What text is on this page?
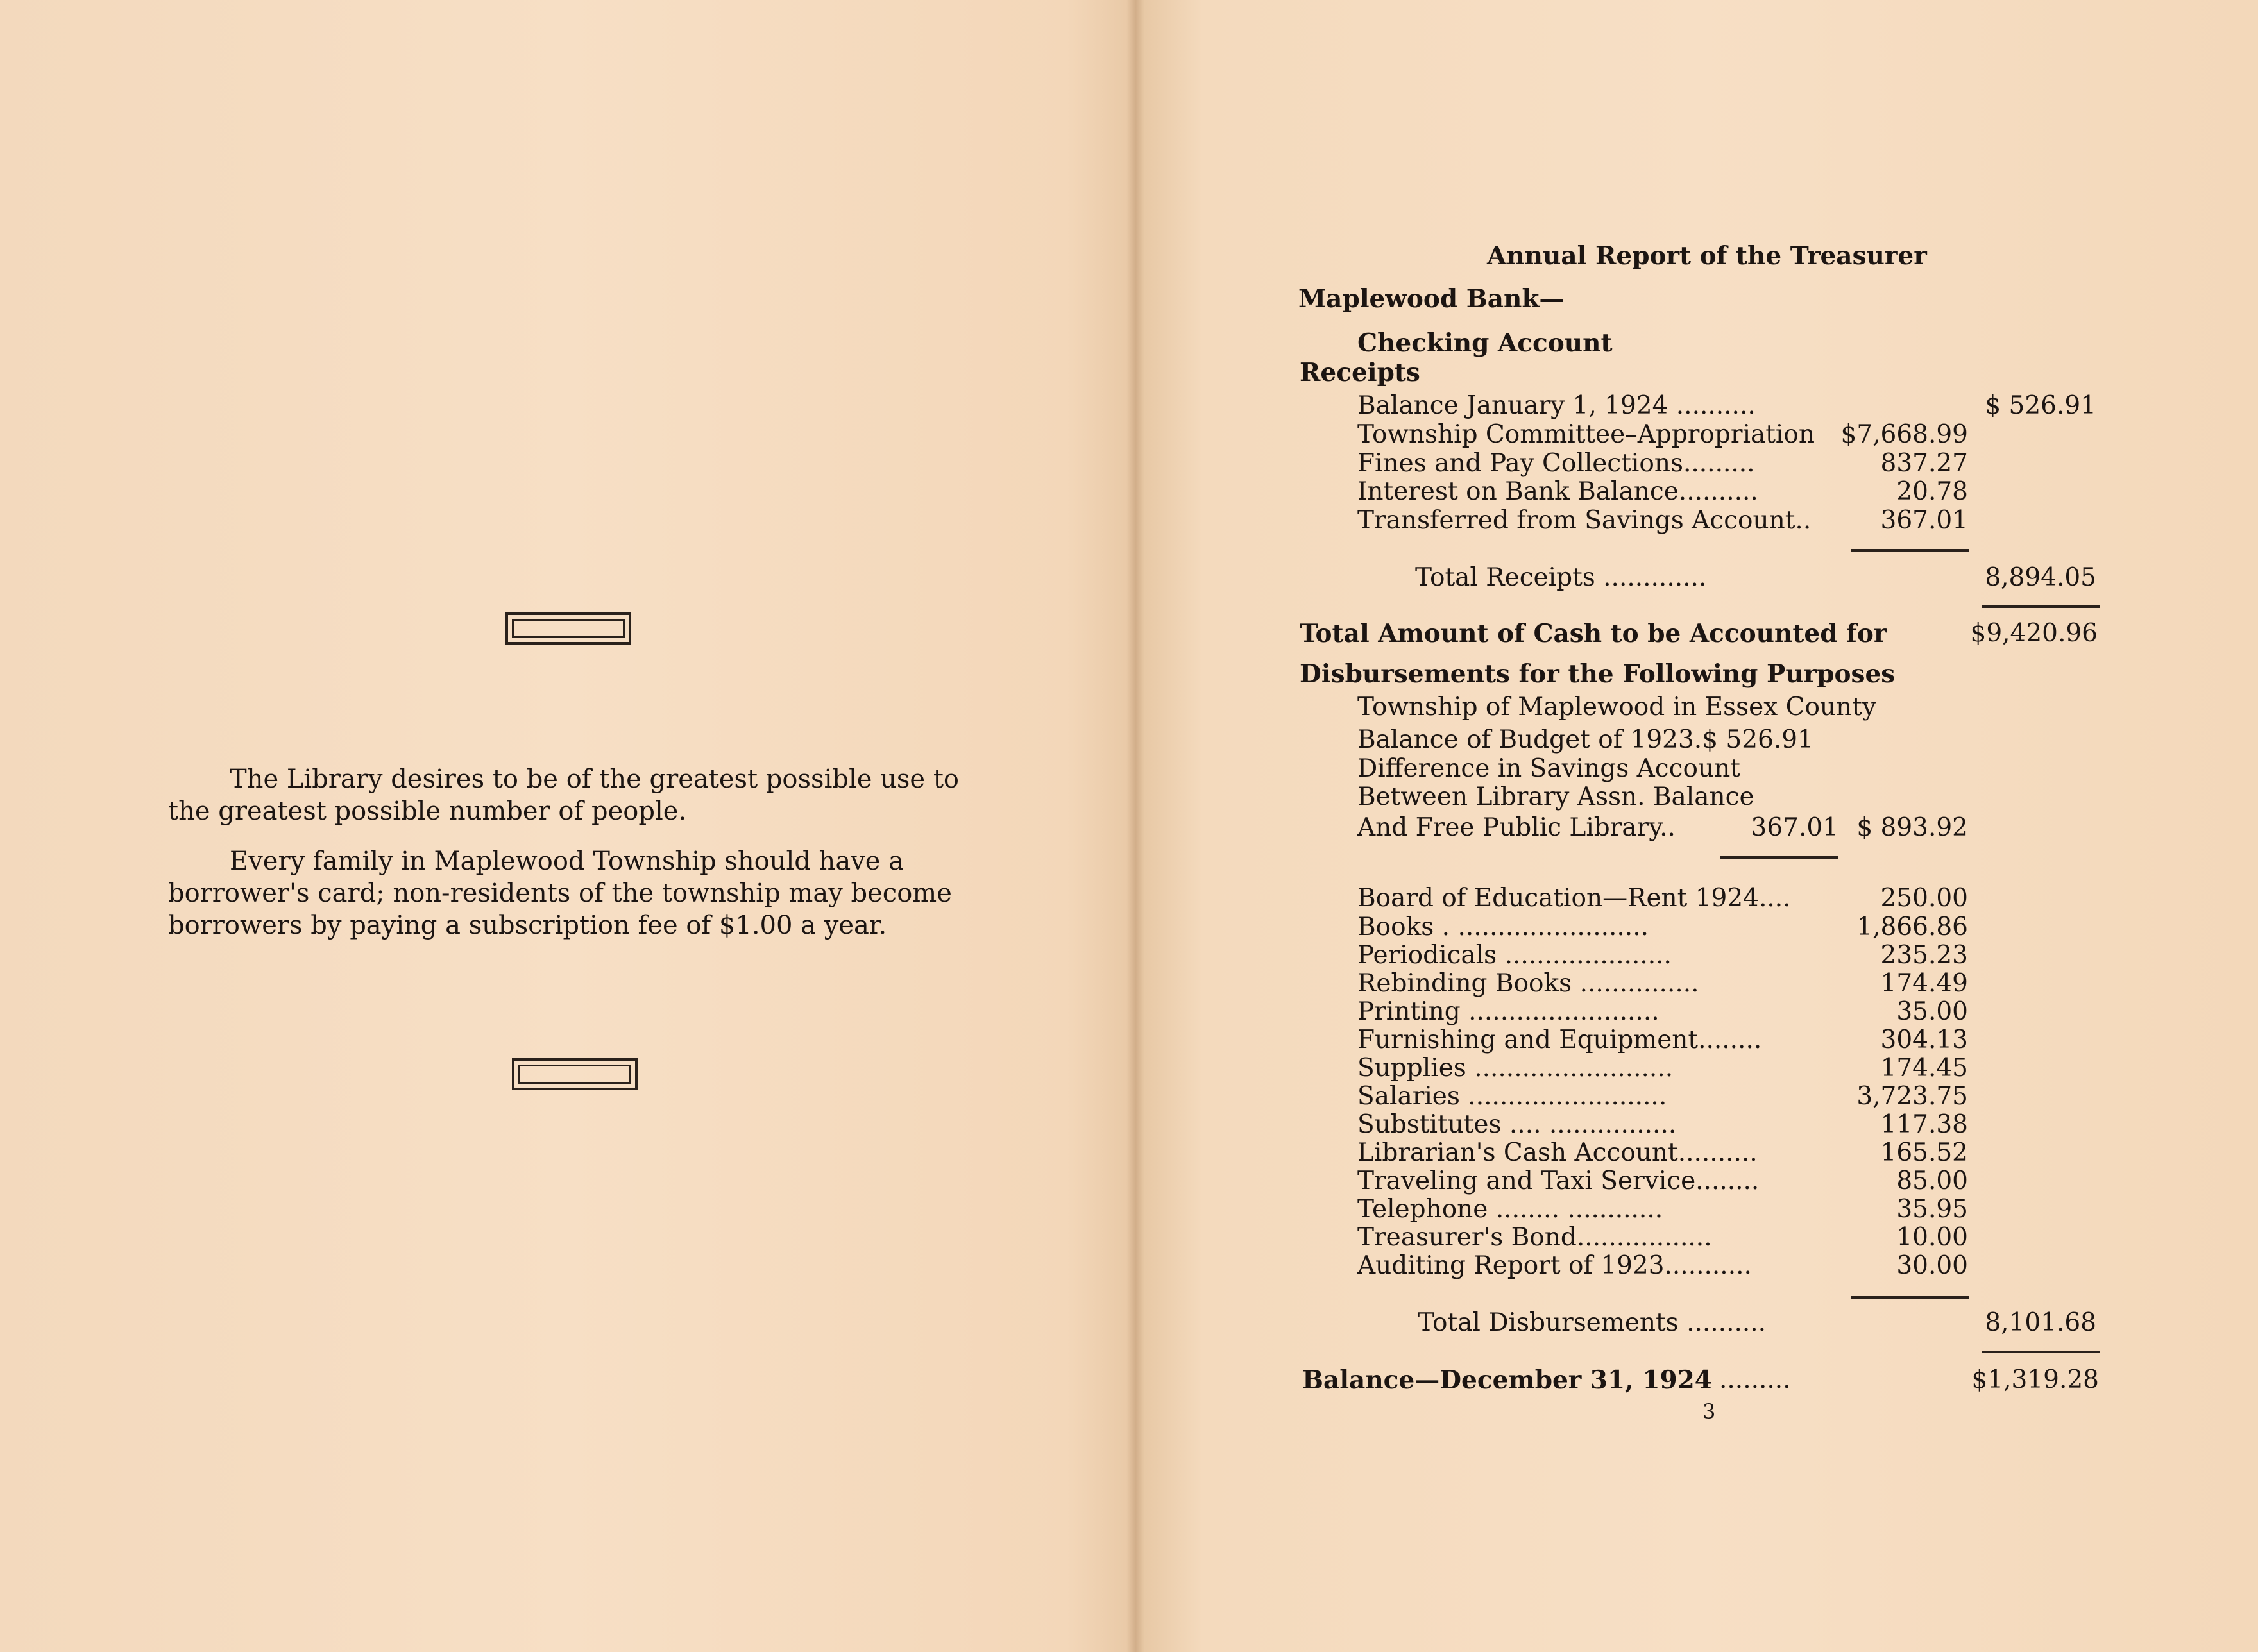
The Library desires to be of the greatest possible use to the greatest possible number of people.

Every family in Maplewood Township should have a borrower's card; non-residents of the township may become borrowers by paying a subscription fee of $1.00 a year.

Annual Report of the Treasurer
Maplewood Bank—
Checking Account
Receipts
Balance January 1, 1924 ..........	$ 526.91
Township Committee–Appropriation $7,668.99
Fines and Pay Collections.........	837.27
Interest on Bank Balance..........	20.78
Transferred from Savings Account..	367.01
Total Receipts .............	8,894.05
Total Amount of Cash to be Accounted for	$9,420.96
Disbursements for the Following Purposes
Township of Maplewood in Essex County
Balance of Budget of 1923.$ 526.91
Difference in Savings Account
Between Library Assn. Balance
And Free Public Library..	367.01 $ 893.92
Board of Education—Rent 1924....	250.00
Books . ........................	1,866.86
Periodicals .....................	235.23
Rebinding Books ...............	174.49
Printing ........................	35.00
Furnishing and Equipment........	304.13
Supplies .........................	174.45
Salaries .........................	3,723.75
Substitutes .... ................	117.38
Librarian's Cash Account..........	165.52
Traveling and Taxi Service........	85.00
Telephone ........ ............	35.95
Treasurer's Bond.................	10.00
Auditing Report of 1923...........	30.00
Total Disbursements ..........	8,101.68
Balance—December 31, 1924 .........	$1,319.28
3
